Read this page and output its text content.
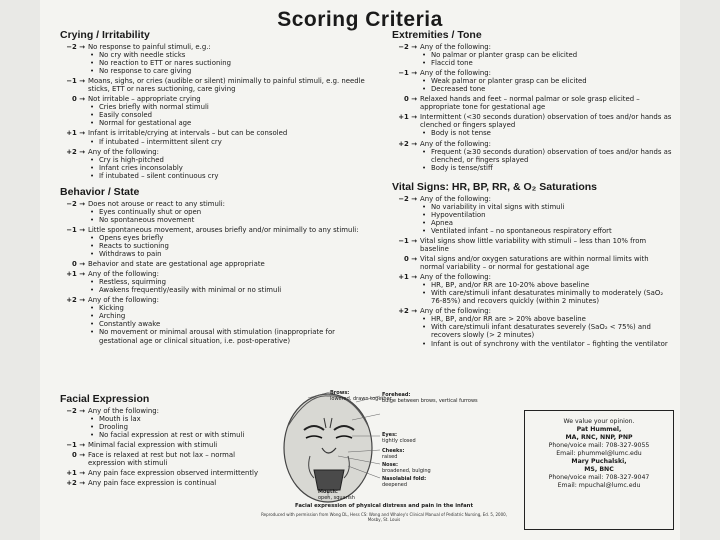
Scoring Criteria
Crying / Irritability
−2 → No response to painful stimuli, e.g.:
• No cry with needle sticks
• No reaction to ETT or nares suctioning
• No response to care giving
−1 → Moans, sighs, or cries (audible or silent) minimally to painful stimuli, e.g. needle sticks, ETT or nares suctioning, care giving
0 → Not irritable – appropriate crying
• Cries briefly with normal stimuli
• Easily consoled
• Normal for gestational age
+1 → Infant is irritable/crying at intervals – but can be consoled
• If intubated – intermittent silent cry
+2 → Any of the following:
• Cry is high-pitched
• Infant cries inconsolably
• If intubated – silent continuous cry
Behavior / State
−2 → Does not arouse or react to any stimuli:
• Eyes continually shut or open
• No spontaneous movement
−1 → Little spontaneous movement, arouses briefly and/or minimally to any stimuli:
• Opens eyes briefly
• Reacts to suctioning
• Withdraws to pain
0 → Behavior and state are gestational age appropriate
+1 → Any of the following:
• Restless, squirming
• Awakens frequently/easily with minimal or no stimuli
+2 → Any of the following:
• Kicking
• Arching
• Constantly awake
• No movement or minimal arousal with stimulation (inappropriate for gestational age or clinical situation, i.e. post-operative)
Facial Expression
−2 → Any of the following:
• Mouth is lax
• Drooling
• No facial expression at rest or with stimuli
−1 → Minimal facial expression with stimuli
0 → Face is relaxed at rest but not lax – normal expression with stimuli
+1 → Any pain face expression observed intermittently
+2 → Any pain face expression is continual
Extremities / Tone
−2 → Any of the following:
• No palmar or planter grasp can be elicited
• Flaccid tone
−1 → Any of the following:
• Weak palmar or planter grasp can be elicited
• Decreased tone
0 → Relaxed hands and feet – normal palmar or sole grasp elicited – appropriate tone for gestational age
+1 → Intermittent (<30 seconds duration) observation of toes and/or hands as clenched or fingers splayed
• Body is not tense
+2 → Any of the following:
• Frequent (≥30 seconds duration) observation of toes and/or hands as clenched, or fingers splayed
• Body is tense/stiff
Vital Signs: HR, BP, RR, & O₂ Saturations
−2 → Any of the following:
• No variability in vital signs with stimuli
• Hypoventilation
• Apnea
• Ventilated infant – no spontaneous respiratory effort
−1 → Vital signs show little variability with stimuli – less than 10% from baseline
0 → Vital signs and/or oxygen saturations are within normal limits with normal variability – or normal for gestational age
+1 → Any of the following:
• HR, BP, and/or RR are 10-20% above baseline
• With care/stimuli infant desaturates minimally to moderately (SaO₂ 76-85%) and recovers quickly (within 2 minutes)
+2 → Any of the following:
• HR, BP, and/or RR are > 20% above baseline
• With care/stimuli infant desaturates severely (SaO₂ < 75%) and recovers slowly (> 2 minutes)
• Infant is out of synchrony with the ventilator – fighting the ventilator
Brows:
lowered, drawn together
Forehead:
bulge between brows, vertical furrows
Eyes:
tightly closed
Cheeks:
raised
Nose:
broadened, bulging
Nasolabial fold:
deepened
Mouth:
open, squarish
Facial expression of physical distress and pain in the infant
Reproduced with permission from Wong DL, Hess CS: Wong and Whaley's Clinical Manual of Pediatric Nursing, Ed. 5, 2000, Mosby, St. Louis
We value your opinion.
Pat Hummel,
MA, RNC, NNP, PNP
Phone/voice mail: 708-327-9055
Email: phummel@lumc.edu
Mary Puchalski,
MS, BNC
Phone/voice mail: 708-327-9047
Email: mpuchal@lumc.edu
